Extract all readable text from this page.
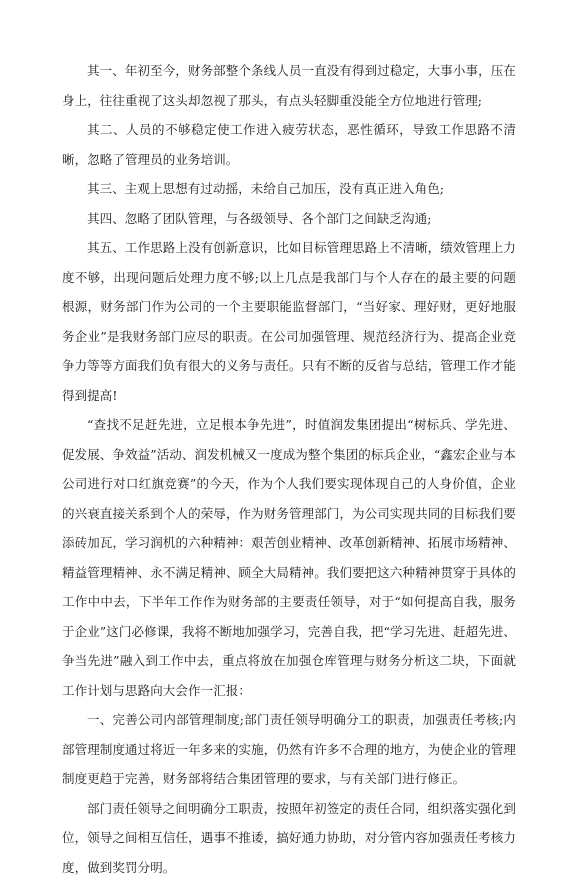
其一、年初至今，财务部整个条线人员一直没有得到过稳定，大事小事，压在身上，往往重视了这头却忽视了那头，有点头轻脚重没能全方位地进行管理;

其二、人员的不够稳定使工作进入疲劳状态，恶性循环，导致工作思路不清晰，忽略了管理员的业务培训。

其三、主观上思想有过动摇，未给自己加压，没有真正进入角色;

其四、忽略了团队管理，与各级领导、各个部门之间缺乏沟通;

其五、工作思路上没有创新意识，比如目标管理思路上不清晰，绩效管理上力度不够，出现问题后处理力度不够;以上几点是我部门与个人存在的最主要的问题根源，财务部门作为公司的一个主要职能监督部门，“当好家、理好财，更好地服务企业”是我财务部门应尽的职责。在公司加强管理、规范经济行为、提高企业竞争力等等方面我们负有很大的义务与责任。只有不断的反省与总结，管理工作才能得到提高!

“查找不足赶先进，立足根本争先进”，时值润发集团提出“树标兵、学先进、促发展、争效益”活动、润发机械又一度成为整个集团的标兵企业，“鑫宏企业与本公司进行对口红旗竞赛”的今天，作为个人我们要实现体现自己的人身价值，企业的兴衰直接关系到个人的荣辱，作为财务管理部门，为公司实现共同的目标我们要添砖加瓦，学习润机的六种精神：艰苦创业精神、改革创新精神、拓展市场精神、精益管理精神、永不满足精神、顾全大局精神。我们要把这六种精神贯穿于具体的工作中中去，下半年工作作为财务部的主要责任领导，对于“如何提高自我，服务于企业”这门必修课，我将不断地加强学习，完善自我，把“学习先进、赶超先进、争当先进”融入到工作中去，重点将放在加强仓库管理与财务分析这二块，下面就工作计划与思路向大会作一汇报：

一、完善公司内部管理制度;部门责任领导明确分工的职责，加强责任考核;内部管理制度通过将近一年多来的实施，仍然有许多不合理的地方，为使企业的管理制度更趋于完善，财务部将结合集团管理的要求，与有关部门进行修正。

部门责任领导之间明确分工职责，按照年初签定的责任合同，组织落实强化到位，领导之间相互信任，遇事不推诿，搞好通力协助，对分管内容加强责任考核力度，做到奖罚分明。
